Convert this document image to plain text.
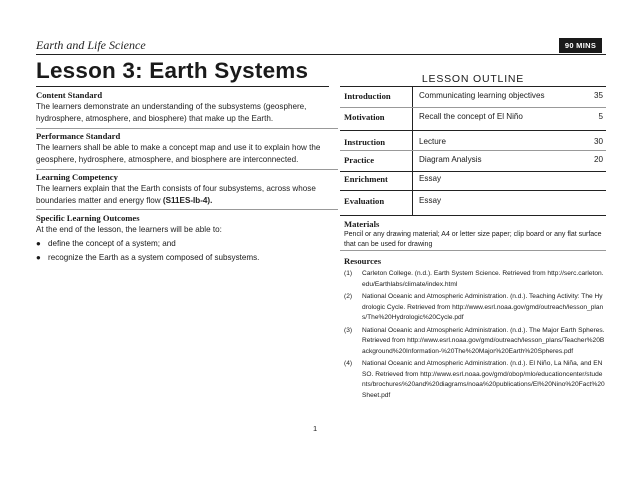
Earth and Life Science	90 MINS
Lesson 3: Earth Systems
Content Standard
The learners demonstrate an understanding of the subsystems (geosphere, hydrosphere, atmosphere, and biosphere) that make up the Earth.
Performance Standard
The learners shall be able to make a concept map and use it to explain how the geosphere, hydrosphere, atmosphere, and biosphere are interconnected.
Learning Competency
The learners explain that the Earth consists of four subsystems, across whose boundaries matter and energy flow (S11ES-Ib-4).
Specific Learning Outcomes
At the end of the lesson, the learners will be able to:
● define the concept of a system; and
● recognize the Earth as a system composed of subsystems.
LESSON OUTLINE
Introduction	Communicating learning objectives	35
Motivation	Recall the concept of El Niño	5
Instruction	Lecture	30
Practice	Diagram Analysis	20
Enrichment	Essay
Evaluation	Essay
Materials
Pencil or any drawing material; A4 or letter size paper; clip board or any flat surface that can be used for drawing
Resources
(1) Carleton College. (n.d.). Earth System Science. Retrieved from http://serc.carleton.edu/Earthlabs/climate/index.html
(2) National Oceanic and Atmospheric Administration. (n.d.). Teaching Activity: The Hydrologic Cycle. Retrieved from http://www.esrl.noaa.gov/gmd/outreach/lesson_plans/The%20Hydrologic%20Cycle.pdf
(3) National Oceanic and Atmospheric Administration. (n.d.). The Major Earth Spheres. Retrieved from http://www.esrl.noaa.gov/gmd/outreach/lesson_plans/Teacher%20Background%20Information-%20The%20Major%20Earth%20Spheres.pdf
(4) National Oceanic and Atmospheric Administration. (n.d.). El Niño, La Niña, and ENSO. Retrieved from http://www.esrl.noaa.gov/gmd/obop/mlo/educationcenter/students/brochures%20and%20diagrams/noaa%20publications/El%20Nino%20Fact%20Sheet.pdf
1
